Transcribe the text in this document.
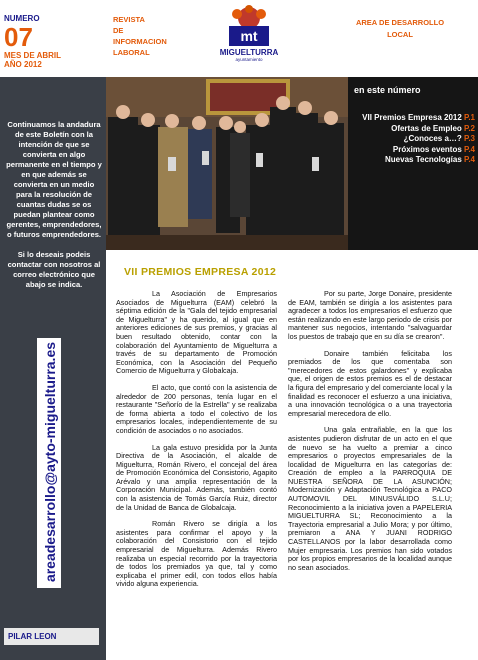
NUMERO
07
MES DE ABRIL
AÑO 2012
REVISTA
DE
INFORMACION
LABORAL
mt
MIGUELTURRA
ayuntamiento
AREA DE DESARROLLO
LOCAL
Continuamos la andadura de este Boletín con la intención de que se convierta en algo permanente en el tiempo y en que además se convierta en un medio para la resolución de cuantas dudas se os puedan plantear como gerentes, emprendedores, o futuros emprendedores.
Si lo deseais podeis contactar con nosotros al correo electrónico que abajo se indica.
areadesarrollo@ayto-miguelturra.es
PILAR LEON
en este número
VII Premios Empresa 2012 P.1
Ofertas de Empleo P.2
¿Conoces a…? P.3
Próximos eventos P.4
Nuevas Tecnologías P.4
VII PREMIOS EMPRESA 2012

La Asociación de Empresarios Asociados de Miguelturra (EAM) celebró la séptima edición de la "Gala del tejido empresarial de Miguelturra" y ha querido, al igual que en anteriores ediciones de sus premios, y gracias al buen resultado obtenido, contar con la colaboración del Ayuntamiento de Miguelturra a través de su departamento de Promoción Económica, con la Asociación del Pequeño Comercio de Miguelturra y Globalcaja.

El acto, que contó con la asistencia de alrededor de 200 personas, tenía lugar en el restaurante "Señorío de la Estrella" y se realizaba de forma abierta a todo el colectivo de los empresarios locales, independientemente de su condición de asociados o no asociados.

La gala estuvo presidida por la Junta Directiva de la Asociación, el alcalde de Miguelturra, Román Rivero, el concejal del área de Promoción Económica del Consistorio, Agapito Arévalo y una amplia representación de la Corporación Municipal. Además, también contó con la asistencia de Tomás García Ruiz, director de la Unidad de Banca de Globalcaja.

Román Rivero se dirigía a los asistentes para confirmar el apoyo y la colaboración del Consistorio con el tejido empresarial de Miguelturra. Además Rivero realizaba un especial recorrido por la trayectoria de todos los premiados ya que, tal y como explicaba el primer edil, con todos ellos había vivido alguna experiencia.

Por su parte, Jorge Donaire, presidente de EAM, también se dirigía a los asistentes para agradecer a todos los empresarios el esfuerzo que están realizando en este largo periodo de crisis por mantener sus negocios, intentando "salvaguardar los puestos de trabajo que en su día se crearon".

Donaire también felicitaba los premiados de los que comentaba son "merecedores de estos galardones" y explicaba que, el origen de estos premios es el de destacar la figura del empresario y del comerciante local y la finalidad es reconocer el esfuerzo a una iniciativa, a una innovación tecnológica o a una trayectoria empresarial merecedora de ello.

Una gala entrañable, en la que los asistentes pudieron disfrutar de un acto en el que de nuevo se ha vuelto a premiar a cinco empresarios o proyectos empresariales de la localidad de Miguelturra en las categorías de: Creación de empleo a la PARROQUIA DE NUESTRA SEÑORA DE LA ASUNCIÓN; Modernización y Adaptación Tecnológica a PACO AUTOMOVIL DEL MINUSVÁLIDO S.L.U; Reconocimiento a la iniciativa joven a PAPELERIA MIGUELTURRA SL; Reconocimiento a la Trayectoria empresarial a Julio Mora; y por último, premiaron a ANA Y JUANI RODRIGO CASTELLANOS por la labor desarrollada como Mujer empresaria. Los premios han sido votados por los propios empresarios de la localidad aunque no sean asociados.
